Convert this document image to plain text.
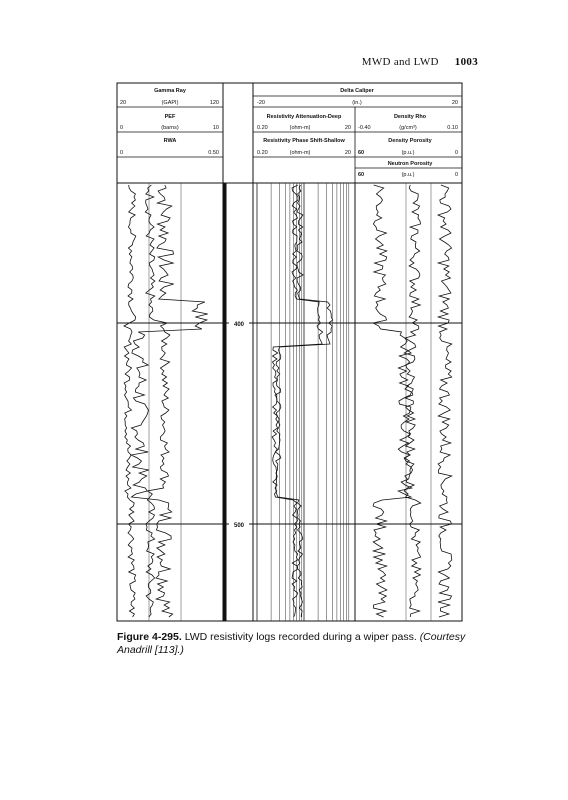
MWD and LWD 1003
Gamma Ray
20	(GAPI)	120
PEF
0	(barns)	10
RWA
0	0.50
Delta Caliper
-20	(in.)	20
Resistivity Attenuation-Deep
0.20	(ohm-m)	20
Resistivity Phase Shift-Shallow
0.20	(ohm-m)	20
Density Rho
-0.40	(g/cm³)	0.10
Density Porosity
60	(p.u.)	0
Neutron Porosity
60	(p.u.)	0
400
500
Figure 4-295. LWD resistivity logs recorded during a wiper pass. (Courtesy Anadrill [113].)
